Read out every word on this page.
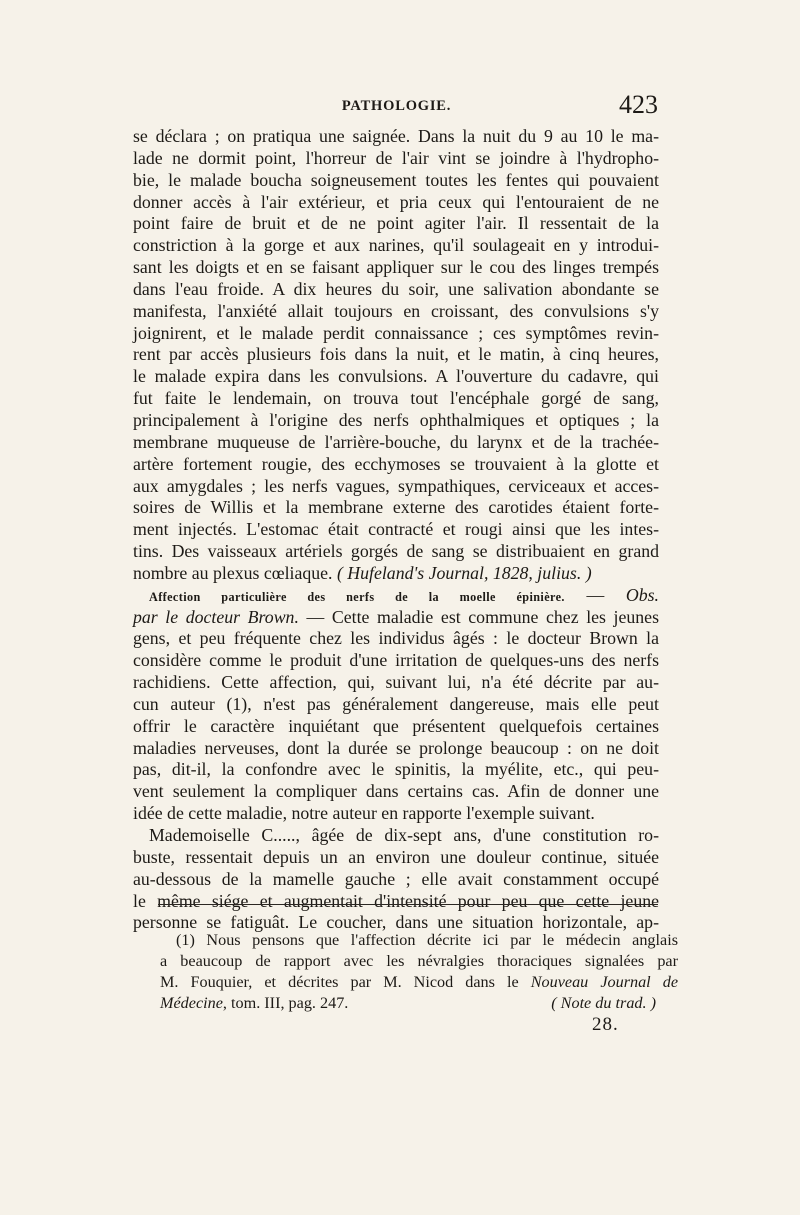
PATHOLOGIE.	423
se déclara ; on pratiqua une saignée. Dans la nuit du 9 au 10 le ma-
lade ne dormit point, l'horreur de l'air vint se joindre à l'hydropho-
bie, le malade boucha soigneusement toutes les fentes qui pouvaient
donner accès à l'air extérieur, et pria ceux qui l'entouraient de ne
point faire de bruit et de ne point agiter l'air. Il ressentait de la
constriction à la gorge et aux narines, qu'il soulageait en y introdui-
sant les doigts et en se faisant appliquer sur le cou des linges trempés
dans l'eau froide. A dix heures du soir, une salivation abondante se
manifesta, l'anxiété allait toujours en croissant, des convulsions s'y
joignirent, et le malade perdit connaissance ; ces symptômes revin-
rent par accès plusieurs fois dans la nuit, et le matin, à cinq heures,
le malade expira dans les convulsions. A l'ouverture du cadavre, qui
fut faite le lendemain, on trouva tout l'encéphale gorgé de sang,
principalement à l'origine des nerfs ophthalmiques et optiques ; la
membrane muqueuse de l'arrière-bouche, du larynx et de la trachée-
artère fortement rougie, des ecchymoses se trouvaient à la glotte et
aux amygdales ; les nerfs vagues, sympathiques, cerviceaux et acces-
soires de Willis et la membrane externe des carotides étaient forte-
ment injectés. L'estomac était contracté et rougi ainsi que les intes-
tins. Des vaisseaux artériels gorgés de sang se distribuaient en grand
nombre au plexus cœliaque. ( Hufeland's Journal, 1828, julius. )
Affection particulière des nerfs de la moelle épinière. — Obs.
par le docteur Brown. — Cette maladie est commune chez les jeunes
gens, et peu fréquente chez les individus âgés : le docteur Brown la
considère comme le produit d'une irritation de quelques-uns des nerfs
rachidiens. Cette affection, qui, suivant lui, n'a été décrite par au-
cun auteur (1), n'est pas généralement dangereuse, mais elle peut
offrir le caractère inquiétant que présentent quelquefois certaines
maladies nerveuses, dont la durée se prolonge beaucoup : on ne doit
pas, dit-il, la confondre avec le spinitis, la myélite, etc., qui peu-
vent seulement la compliquer dans certains cas. Afin de donner une
idée de cette maladie, notre auteur en rapporte l'exemple suivant.
Mademoiselle C....., âgée de dix-sept ans, d'une constitution ro-
buste, ressentait depuis un an environ une douleur continue, située
au-dessous de la mamelle gauche ; elle avait constamment occupé
le même siége et augmentait d'intensité pour peu que cette jeune
personne se fatiguât. Le coucher, dans une situation horizontale, ap-
(1) Nous pensons que l'affection décrite ici par le médecin anglais
a beaucoup de rapport avec les névralgies thoraciques signalées par
M. Fouquier, et décrites par M. Nicod dans le Nouveau Journal de
Médecine, tom. III, pag. 247.	( Note du trad. )
28.
